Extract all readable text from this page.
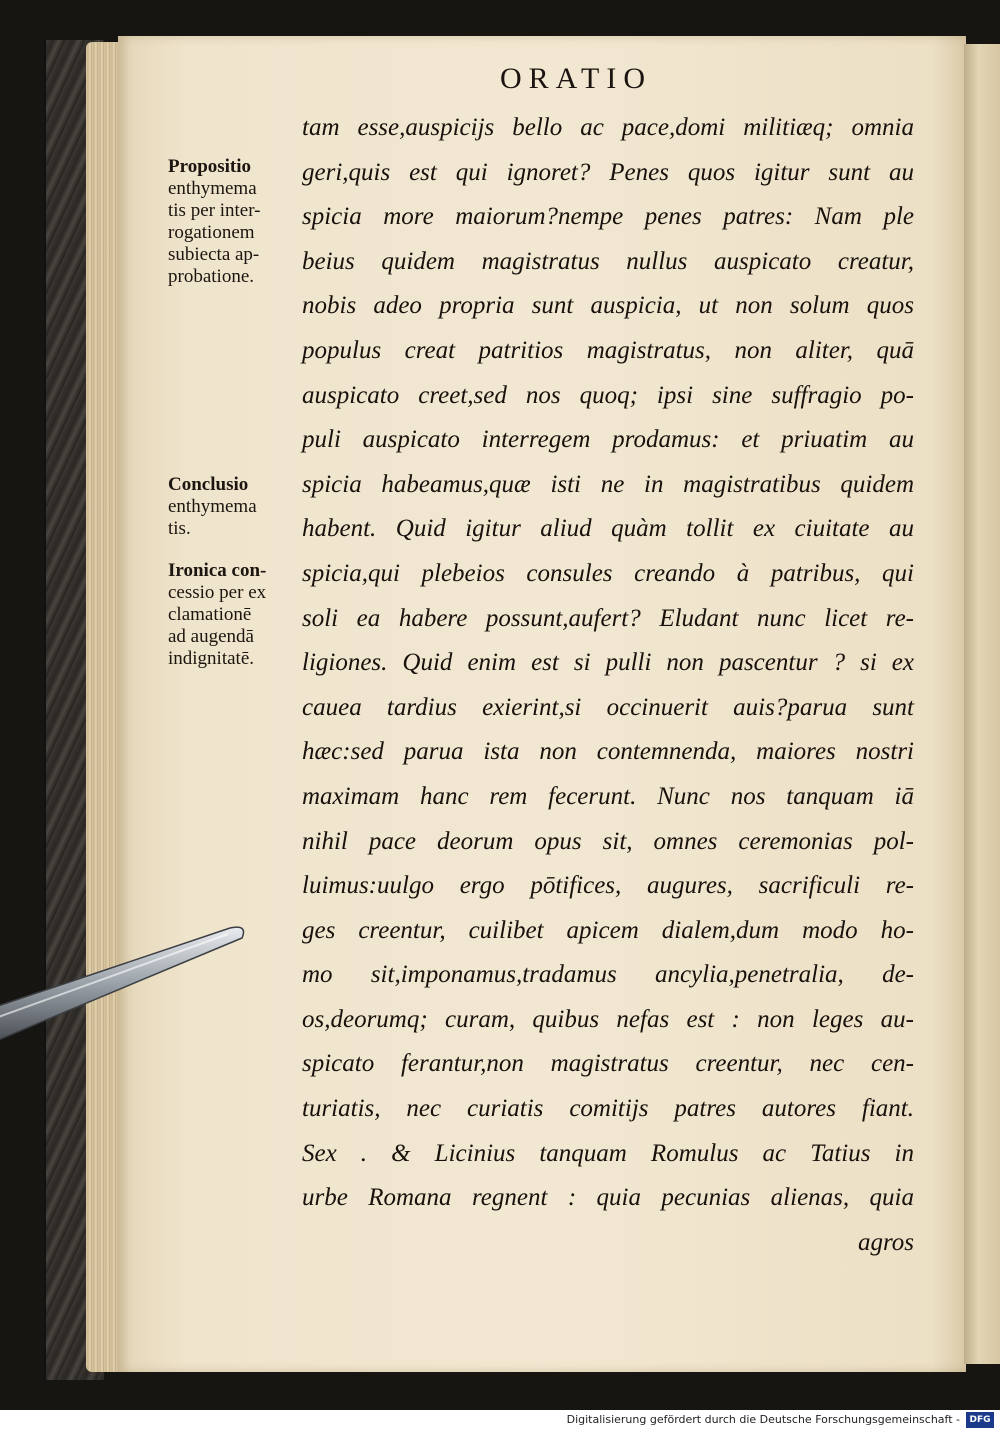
ORATIO
Propositio
enthymema
tis per inter-
rogationem
subiecta ap-
probatione.
Conclusio
enthymema
tis.
Ironica con-
cessio per ex
clamationē
ad augendā
indignitatē.
tam esse,auspicijs bello ac pace,domi militiæq; omnia
geri,quis est qui ignoret? Penes quos igitur sunt au
spicia more maiorum?nempe penes patres: Nam ple
beius quidem magistratus nullus auspicato creatur,
nobis adeo propria sunt auspicia, ut non solum quos
populus creat patritios magistratus, non aliter, quā
auspicato creet,sed nos quoq; ipsi sine suffragio po-
puli auspicato interregem prodamus: et priuatim au
spicia habeamus,quæ isti ne in magistratibus quidem
habent. Quid igitur aliud quàm tollit ex ciuitate au
spicia,qui plebeios consules creando à patribus, qui
soli ea habere possunt,aufert? Eludant nunc licet re-
ligiones. Quid enim est si pulli non pascentur ? si ex
cauea tardius exierint,si occinuerit auis?parua sunt
hæc:sed parua ista non contemnenda, maiores nostri
maximam hanc rem fecerunt. Nunc nos tanquam iā
nihil pace deorum opus sit, omnes ceremonias pol-
luimus:uulgo ergo pōtifices, augures, sacrificuli re-
ges creentur, cuilibet apicem dialem,dum modo ho-
mo sit,imponamus,tradamus ancylia,penetralia, de-
os,deorumq; curam, quibus nefas est : non leges au-
spicato ferantur,non magistratus creentur, nec cen-
turiatis, nec curiatis comitijs patres autores fiant.
Sex . & Licinius tanquam Romulus ac Tatius in
urbe Romana regnent : quia pecunias alienas, quia
agros
Digitalisierung gefördert durch die Deutsche Forschungsgemeinschaft -	DFG
